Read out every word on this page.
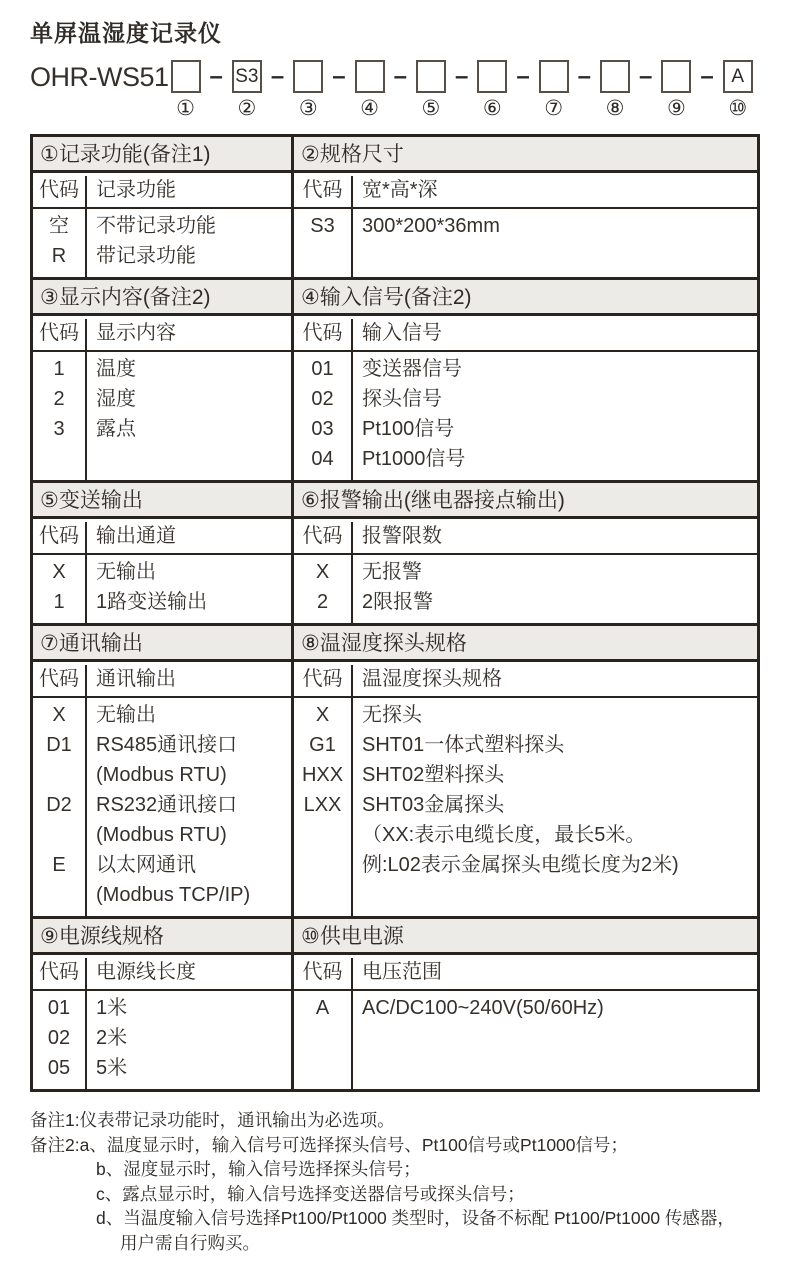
单屏温湿度记录仪
OHR-WS51
①
– S3
②
–
③
–
④
–
⑤
–
⑥
–
⑦
–
⑧
–
⑨
– A
⑩
①记录功能(备注1)
代码 记录功能
空	不带记录功能
R	带记录功能
②规格尺寸
代码 宽*高*深
S3	300*200*36mm
③显示内容(备注2)
代码 显示内容
1	温度
2	湿度
3	露点
④输入信号(备注2)
代码 输入信号
01	变送器信号
02	探头信号
03	Pt100信号
04	Pt1000信号
⑤变送输出
代码 输出通道
X	无输出
1	1路变送输出
⑥报警输出(继电器接点输出)
代码 报警限数
X	无报警
2	2限报警
⑦通讯输出
代码 通讯输出
X	无输出
D1	RS485通讯接口
(Modbus RTU)
D2	RS232通讯接口
(Modbus RTU)
E	以太网通讯
(Modbus TCP/IP)
⑧温湿度探头规格
代码 温湿度探头规格
X	无探头
G1	SHT01一体式塑料探头
HXX SHT02塑料探头
LXX	SHT03金属探头
（XX:表示电缆长度，最长5米。
例:L02表示金属探头电缆长度为2米)
⑨电源线规格
代码 电源线长度
01	1米
02	2米
05	5米
⑩供电电源
代码 电压范围
A	AC/DC100~240V(50/60Hz)
备注1:仪表带记录功能时，通讯输出为必选项。
备注2:a、温度显示时，输入信号可选择探头信号、Pt100信号或Pt1000信号；
b、湿度显示时，输入信号选择探头信号；
c、露点显示时，输入信号选择变送器信号或探头信号；
d、当温度输入信号选择Pt100/Pt1000 类型时，设备不标配 Pt100/Pt1000 传感器，
用户需自行购买。
